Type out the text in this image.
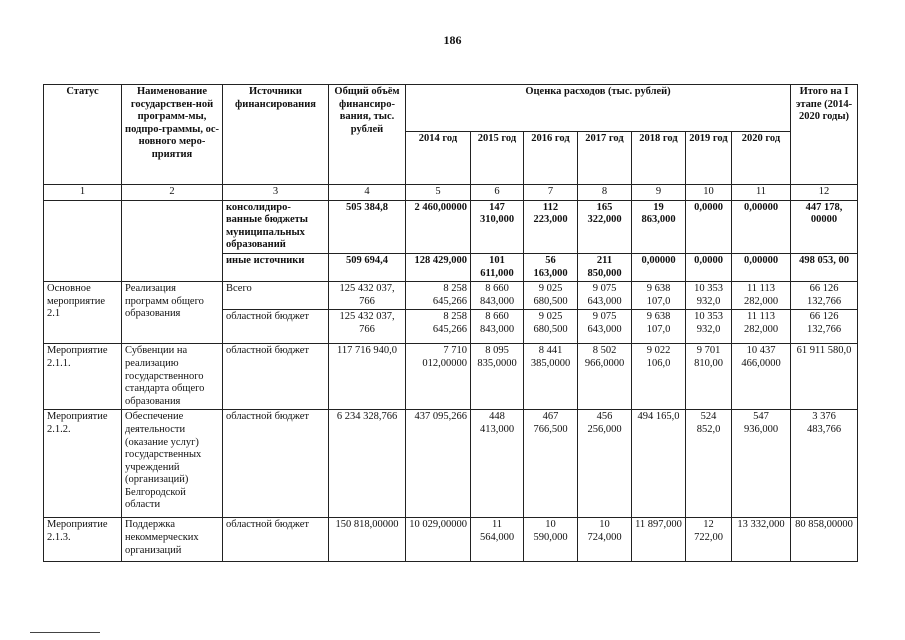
186
Статус	Наименование государствен-ной программ-мы, подпро-граммы, ос-новного меро-приятия	Источники финансирования	Общий объём финансиро-вания, тыс. рублей	Оценка расходов (тыс. рублей)							Итого на I этапе (2014-2020 годы)
				2014 год	2015 год	2016 год	2017 год	2018 год	2019 год	2020 год	
1	2	3	4	5	6	7	8	9	10	11	12
		консолидиро-ванные бюджеты муниципальных образований	505 384,8	2 460,00000	147 310,000	112 223,000	165 322,000	19 863,000	0,0000	0,00000	447 178, 00000
		иные источники	509 694,4	128 429,000	101 611,000	56 163,000	211 850,000	0,00000	0,0000	0,00000	498 053, 00
Основное мероприятие 2.1	Реализация программ общего образования	Всего	125 432 037, 766	8 258 645,266	8 660 843,000	9 025 680,500	9 075 643,000	9 638 107,0	10 353 932,0	11 113 282,000	66 126 132,766
		областной бюджет	125 432 037, 766	8 258 645,266	8 660 843,000	9 025 680,500	9 075 643,000	9 638 107,0	10 353 932,0	11 113 282,000	66 126 132,766
Мероприятие 2.1.1.	Субвенции на реализацию государственного стандарта общего образования	областной бюджет	117 716 940,0	7 710 012,00000	8 095 835,0000	8 441 385,0000	8 502 966,0000	9 022 106,0	9 701 810,00	10 437 466,0000	61 911 580,0
Мероприятие 2.1.2.	Обеспечение деятельности (оказание услуг) государственных учреждений (организаций) Белгородской области	областной бюджет	6 234 328,766	437 095,266	448 413,000	467 766,500	456 256,000	494 165,0	524 852,0	547 936,000	3 376 483,766
Мероприятие 2.1.3.	Поддержка некоммерческих организаций	областной бюджет	150 818,00000	10 029,00000	11 564,000	10 590,000	10 724,000	11 897,000	12 722,00	13 332,000	80 858,00000
